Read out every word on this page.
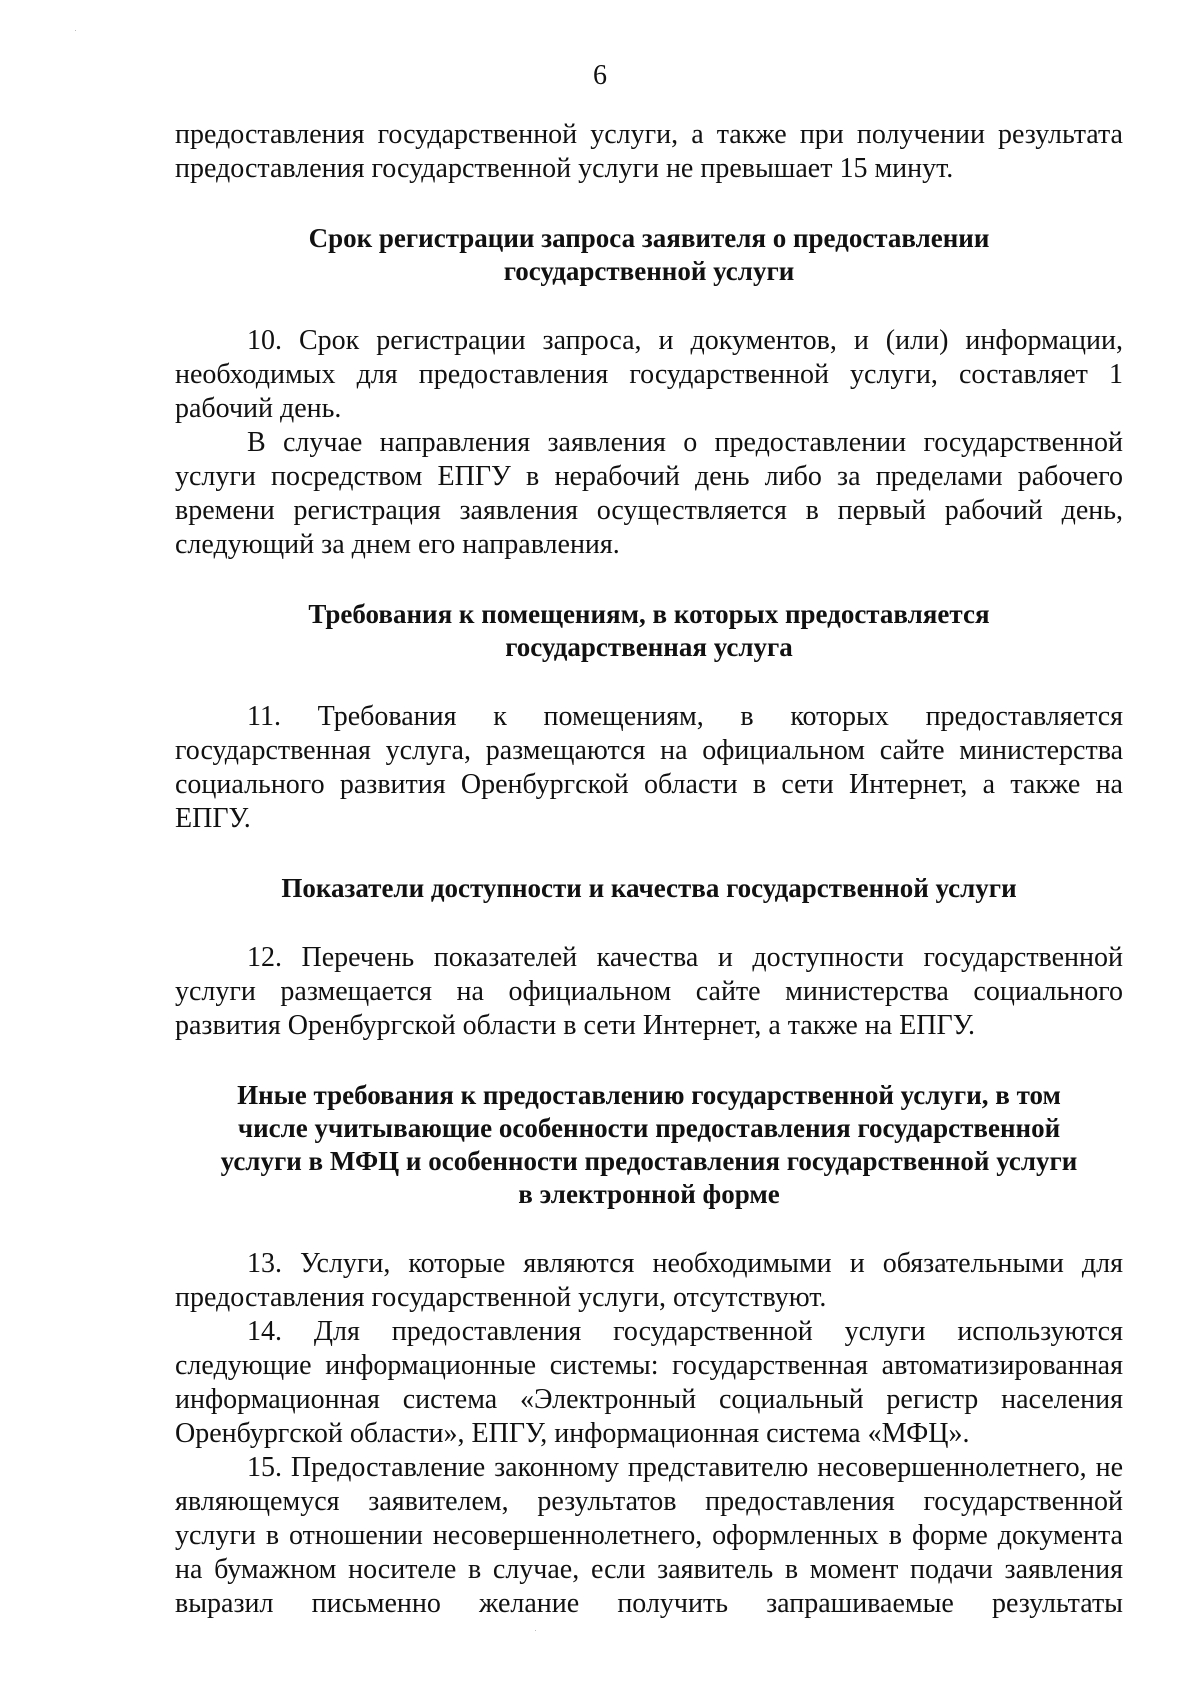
6

предоставления государственной услуги, а также при получении результата предоставления государственной услуги не превышает 15 минут.

Срок регистрации запроса заявителя о предоставлении
государственной услуги

10. Срок регистрации запроса, и документов, и (или) информации, необходимых для предоставления государственной услуги, составляет 1 рабочий день.

В случае направления заявления о предоставлении государственной услуги посредством ЕПГУ в нерабочий день либо за пределами рабочего времени регистрация заявления осуществляется в первый рабочий день, следующий за днем его направления.

Требования к помещениям, в которых предоставляется
государственная услуга

11. Требования к помещениям, в которых предоставляется государственная услуга, размещаются на официальном сайте министерства социального развития Оренбургской области в сети Интернет, а также на ЕПГУ.

Показатели доступности и качества государственной услуги

12. Перечень показателей качества и доступности государственной услуги размещается на официальном сайте министерства социального развития Оренбургской области в сети Интернет, а также на ЕПГУ.

Иные требования к предоставлению государственной услуги, в том
числе учитывающие особенности предоставления государственной
услуги в МФЦ и особенности предоставления государственной услуги
в электронной форме

13. Услуги, которые являются необходимыми и обязательными для предоставления государственной услуги, отсутствуют.

14. Для предоставления государственной услуги используются следующие информационные системы: государственная автоматизированная информационная система «Электронный социальный регистр населения Оренбургской области», ЕПГУ, информационная система «МФЦ».

15. Предоставление законному представителю несовершеннолетнего, не являющемуся заявителем, результатов предоставления государственной услуги в отношении несовершеннолетнего, оформленных в форме документа на бумажном носителе в случае, если заявитель в момент подачи заявления выразил письменно желание получить запрашиваемые результаты
